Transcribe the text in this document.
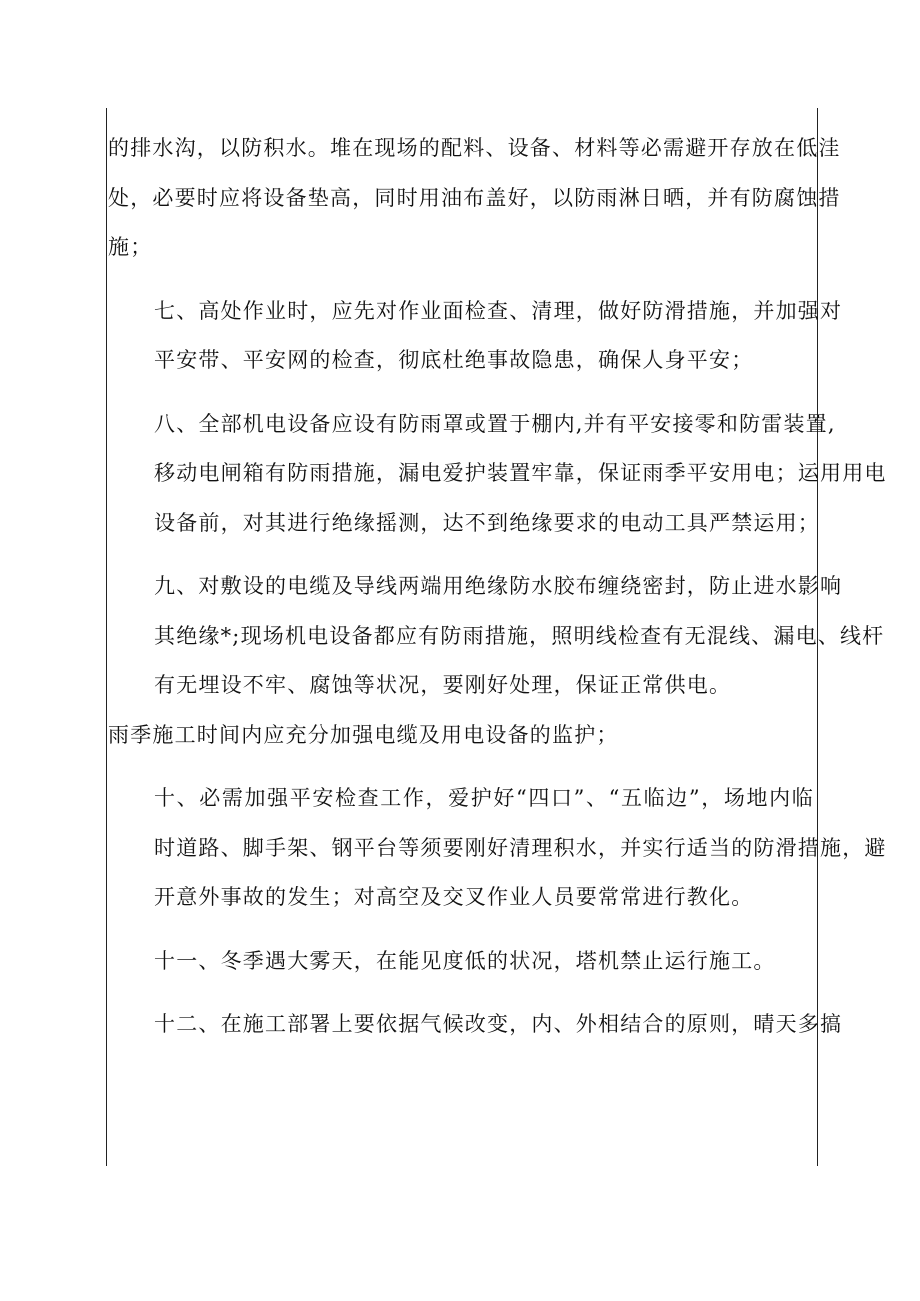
的排水沟，以防积水。堆在现场的配料、设备、材料等必需避开存放在低洼
处，必要时应将设备垫高，同时用油布盖好，以防雨淋日晒，并有防腐蚀措
施；
七、高处作业时，应先对作业面检查、清理，做好防滑措施，并加强对
平安带、平安网的检查，彻底杜绝事故隐患，确保人身平安；
八、全部机电设备应设有防雨罩或置于棚内,并有平安接零和防雷装置,
移动电闸箱有防雨措施，漏电爱护装置牢靠，保证雨季平安用电；运用用电
设备前，对其进行绝缘摇测，达不到绝缘要求的电动工具严禁运用；
九、对敷设的电缆及导线两端用绝缘防水胶布缠绕密封，防止进水影响
其绝缘*;现场机电设备都应有防雨措施，照明线检查有无混线、漏电、线杆
有无埋设不牢、腐蚀等状况，要刚好处理，保证正常供电。
雨季施工时间内应充分加强电缆及用电设备的监护；
十、必需加强平安检查工作，爱护好“四口”、“五临边”，场地内临
时道路、脚手架、钢平台等须要刚好清理积水，并实行适当的防滑措施，避
开意外事故的发生；对高空及交叉作业人员要常常进行教化。
十一、冬季遇大雾天，在能见度低的状况，塔机禁止运行施工。
十二、在施工部署上要依据气候改变，内、外相结合的原则，晴天多搞
